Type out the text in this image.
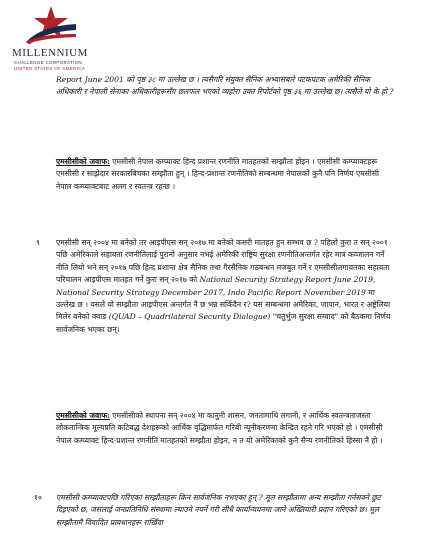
MILLENNIUM
CHALLENGE CORPORATION
UNITED STATES OF AMERICA
Report June 2001 को पृष्ठ ३८ मा उल्लेख छ । त्यसैगरि संयुक्त सैनिक अभ्यासबारे पटकपटक अमेरिकी सैनिक अधिकारी र नेपाली सेनाका अधिकारीहरूसँग छलफल भएको व्यहोरा उक्त रिपोर्टको पृष्ठ ३६ मा उल्लेख छ। त्यसैले यो के हो ?
एमसीसीको जवाफ: एमसीसी नेपाल कम्प्याक्ट हिन्द प्रशान्त रणनीति मातहतको सम्झौता होइन । एमसीसी कम्प्याक्टहरू एमसीसी र साझेदार सरकारबिचका सम्झौता हुन् । हिन्द-प्रशान्त रणनीतिको सम्बन्धमा नेपालको कुनै पनि निर्णय एमसीसी नेपाल कम्प्याक्टबाट अलग र स्वतन्त्र रहन्छ ।
९ एमसीसी सन् २००४ मा बनेको तर आइपीएस सन् २०१७ मा बनेको कसरी मातहत हुन सम्भव छ ? पहिलो कुरा त सन् २००१ पछि अमेरिकाले सहायता रणनीतिलाई पुरानो अनुसार नभई अमेरिकी राष्ट्रिय सुरक्षा रणनीतिअन्तर्गत रहेर मात्र कव्जालन गर्ने नीति लियो भने सन् २०१७ पछि हिन्द प्रशान्त क्षेत्र सैनिक तथा गैरसैनिक गठबन्धन मजबुत गर्ने र एमसीसीलगायतका सहायता परिचालन आइपीएस मातहत गर्ने कुरा सन् २०१७ को National Security Strategy Report June 2019, National Security Strategy December 2017, Indo Pacific Report November 2019 मा उल्लेख छ । यसले यो सम्झौता आइपीएस अन्तर्गत नै छ भन्न सकिँदैन र? यस सम्बन्धमा अमेरिका, जापान, भारत र अष्ट्रेलिया मिलेर बनेको क्वाड (QUAD – Quadrilateral Security Dialogue) "चतुर्भुज सुरक्षा सम्वाद" को बैठकमा निर्णय सार्वजनिक भएका छन्।
एमसीसीको जवाफ: एमसीसीको स्थापना सन् २००४ मा कानुनी शासन, जनतामाथि लगानी, र आर्थिक स्वतन्त्रताजस्ता लोकतान्त्रिक मूल्यप्रति कटिबद्ध देशहरूको आर्थिक वृद्धिमार्फत गरिबी न्यूनीकरणमा केन्द्रित रहने गरि भएको हो । एमसीसी नेपाल कम्प्याक्ट हिन्द-प्रशान्त रणनीति मातहतको सम्झौता होइन, न त यो अमेरिकाको कुनै सैन्य रणनीतिको हिस्सा नै हो ।
१० एमसीसी कम्प्याक्टपछि गरिएका सम्झौताहरू किन सार्वजनिक नभएका हुन् ? मूल सम्झौतामा अन्य सम्झौता गर्नसक्ने छुट दिइएको छ, जसलाई जनप्रतिनिधि संस्थामा ल्याउने नपर्ने गरी सीधै कार्यान्वयनमा जाने अख्तियारी प्रदान गरिएको छ। मूल सम्झौतामै विवादित प्रावधानहरू राखिँदा
